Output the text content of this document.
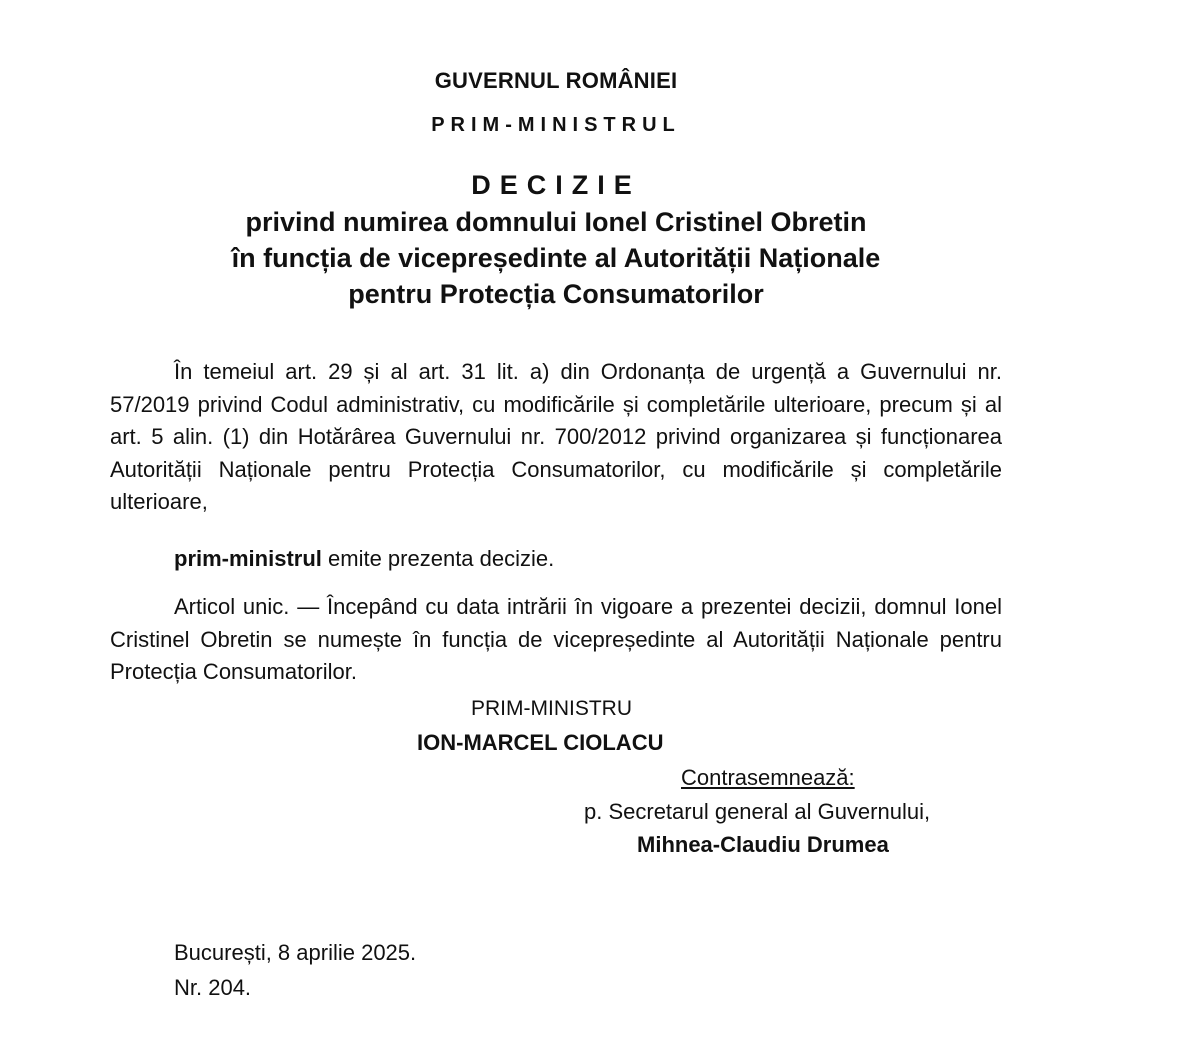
GUVERNUL ROMÂNIEI
PRIM-MINISTRUL
DECIZIE
privind numirea domnului Ionel Cristinel Obretin
în funcția de vicepreședinte al Autorității Naționale
pentru Protecția Consumatorilor

În temeiul art. 29 și al art. 31 lit. a) din Ordonanța de urgență a Guvernului nr. 57/2019 privind Codul administrativ, cu modificările și completările ulterioare, precum și al art. 5 alin. (1) din Hotărârea Guvernului nr. 700/2012 privind organizarea și funcționarea Autorității Naționale pentru Protecția Consumatorilor, cu modificările și completările ulterioare,

prim-ministrul emite prezenta decizie.

Articol unic. — Începând cu data intrării în vigoare a prezentei decizii, domnul Ionel Cristinel Obretin se numește în funcția de vicepreședinte al Autorității Naționale pentru Protecția Consumatorilor.

PRIM-MINISTRU
ION-MARCEL CIOLACU
Contrasemnează:
p. Secretarul general al Guvernului,
Mihnea-Claudiu Drumea
București, 8 aprilie 2025.
Nr. 204.
